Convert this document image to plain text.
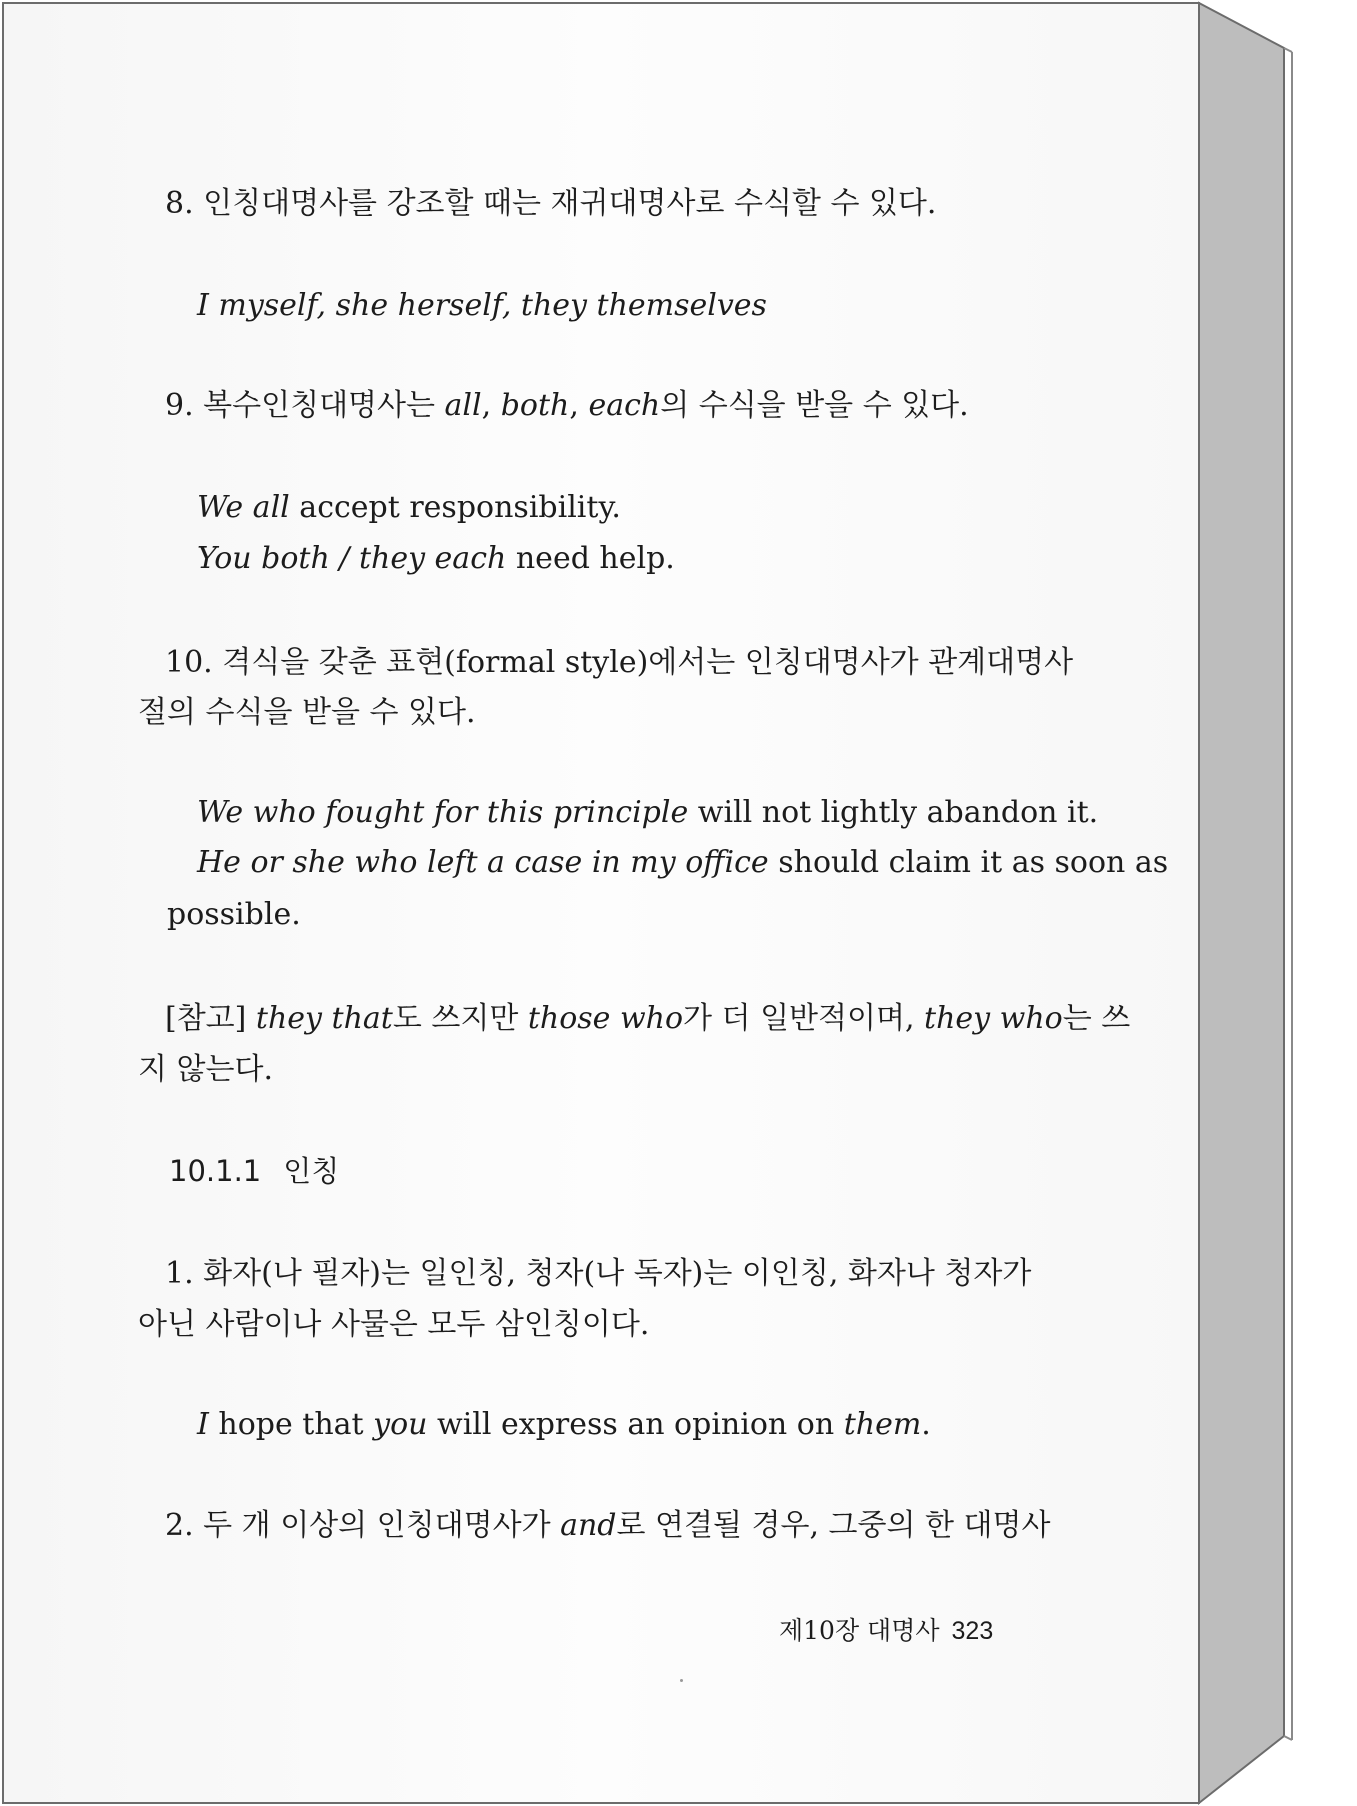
8. 인칭대명사를 강조할 때는 재귀대명사로 수식할 수 있다.
I myself, she herself, they themselves
9. 복수인칭대명사는 all, both, each의 수식을 받을 수 있다.
We all accept responsibility.
You both / they each need help.
10. 격식을 갖춘 표현(formal style)에서는 인칭대명사가 관계대명사
절의 수식을 받을 수 있다.
We who fought for this principle will not lightly abandon it.
He or she who left a case in my office should claim it as soon as
possible.
[참고] they that도 쓰지만 those who가 더 일반적이며, they who는 쓰
지 않는다.
10.1.1 인칭
1. 화자(나 필자)는 일인칭, 청자(나 독자)는 이인칭, 화자나 청자가
아닌 사람이나 사물은 모두 삼인칭이다.
I hope that you will express an opinion on them.
2. 두 개 이상의 인칭대명사가 and로 연결될 경우, 그중의 한 대명사
제10장 대명사 323
